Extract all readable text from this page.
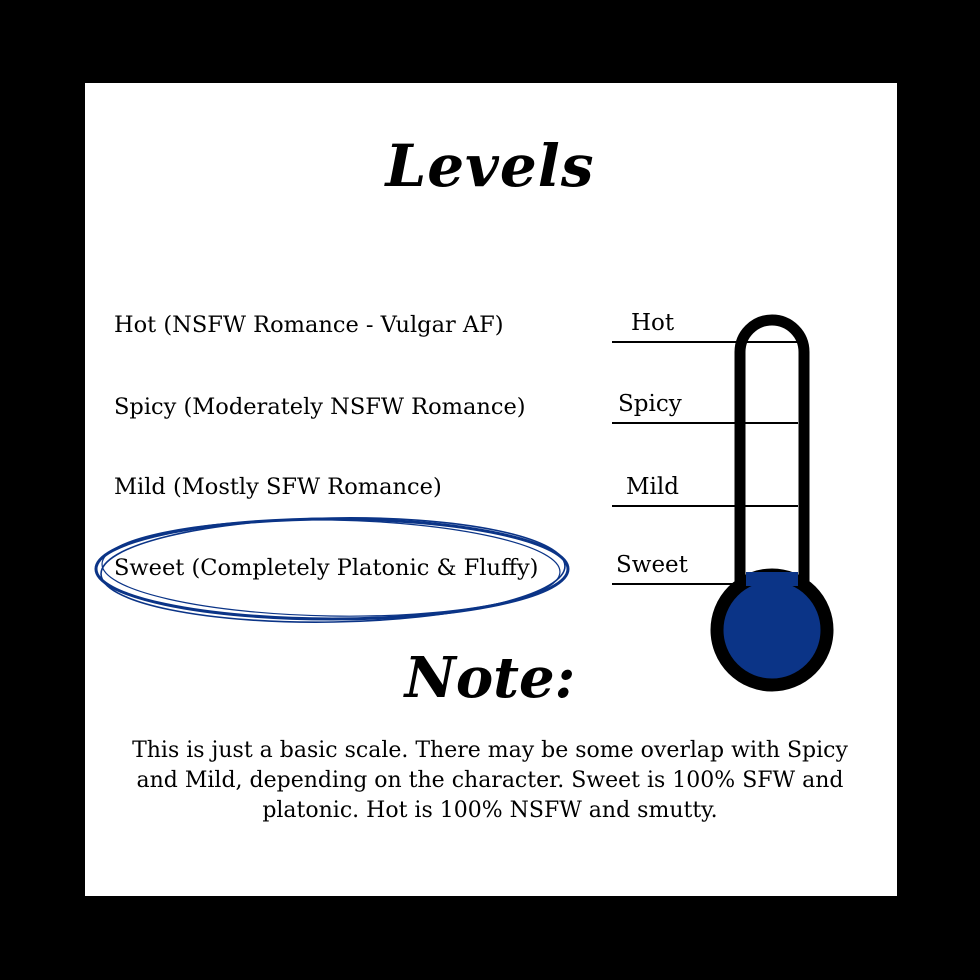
Levels
Hot (NSFW Romance - Vulgar AF)
Spicy (Moderately NSFW Romance)
Mild (Mostly SFW Romance)
Sweet (Completely Platonic & Fluffy)
Hot
Spicy
Mild
Sweet
Note:
This is just a basic scale. There may be some overlap with Spicy and Mild, depending on the character. Sweet is 100% SFW and platonic. Hot is 100% NSFW and smutty.
